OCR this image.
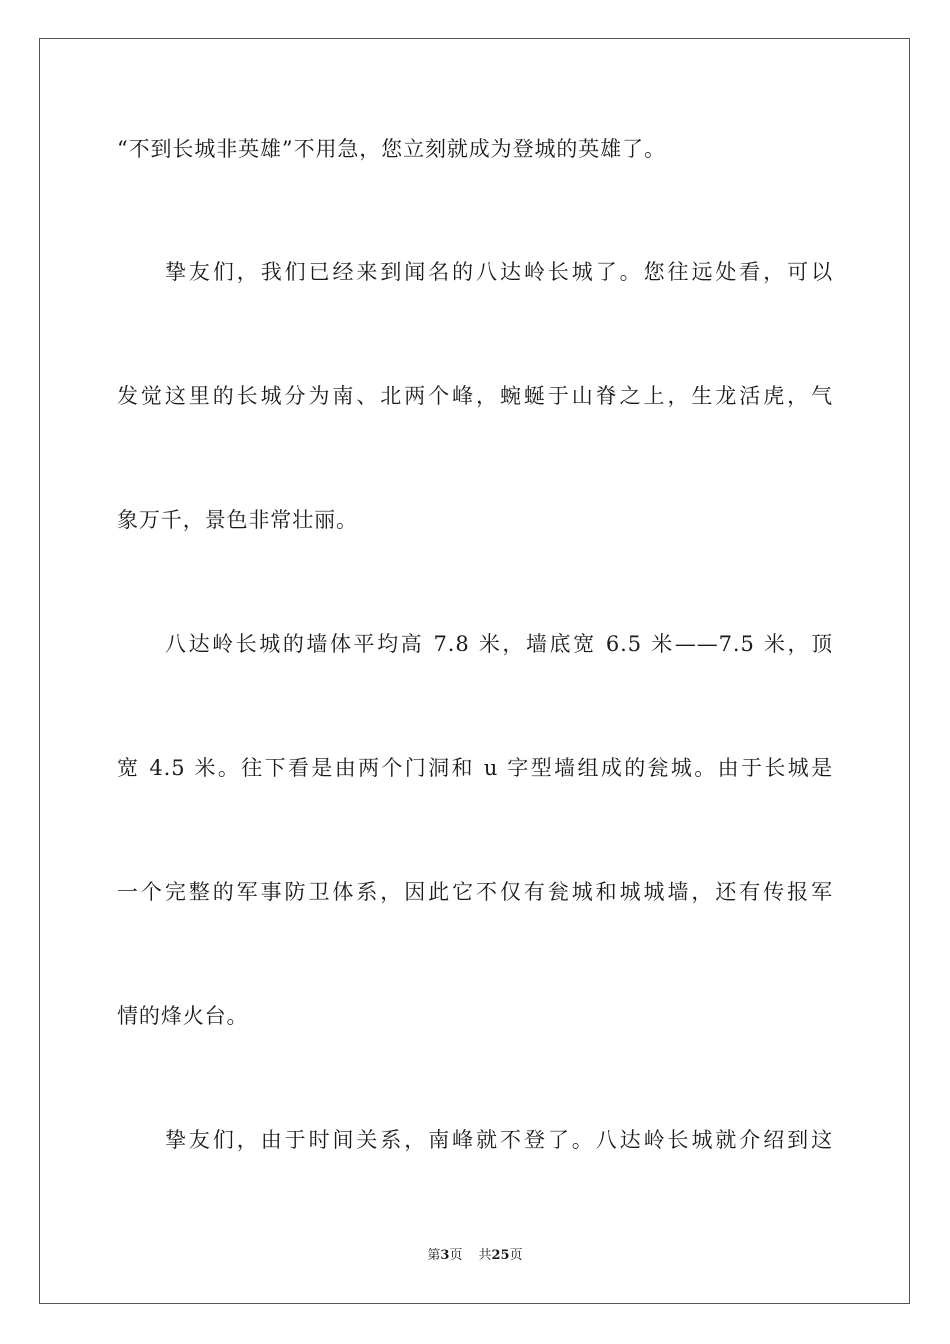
“不到长城非英雄”不用急，您立刻就成为登城的英雄了。
挚友们，我们已经来到闻名的八达岭长城了。您往远处看，可以
发觉这里的长城分为南、北两个峰，蜿蜒于山脊之上，生龙活虎，气
象万千，景色非常壮丽。
八达岭长城的墙体平均高 7.8 米，墙底宽 6.5 米——7.5 米，顶
宽 4.5 米。往下看是由两个门洞和 u 字型墙组成的瓮城。由于长城是
一个完整的军事防卫体系，因此它不仅有瓮城和城城墙，还有传报军
情的烽火台。
挚友们，由于时间关系，南峰就不登了。八达岭长城就介绍到这
第3页 共25页
